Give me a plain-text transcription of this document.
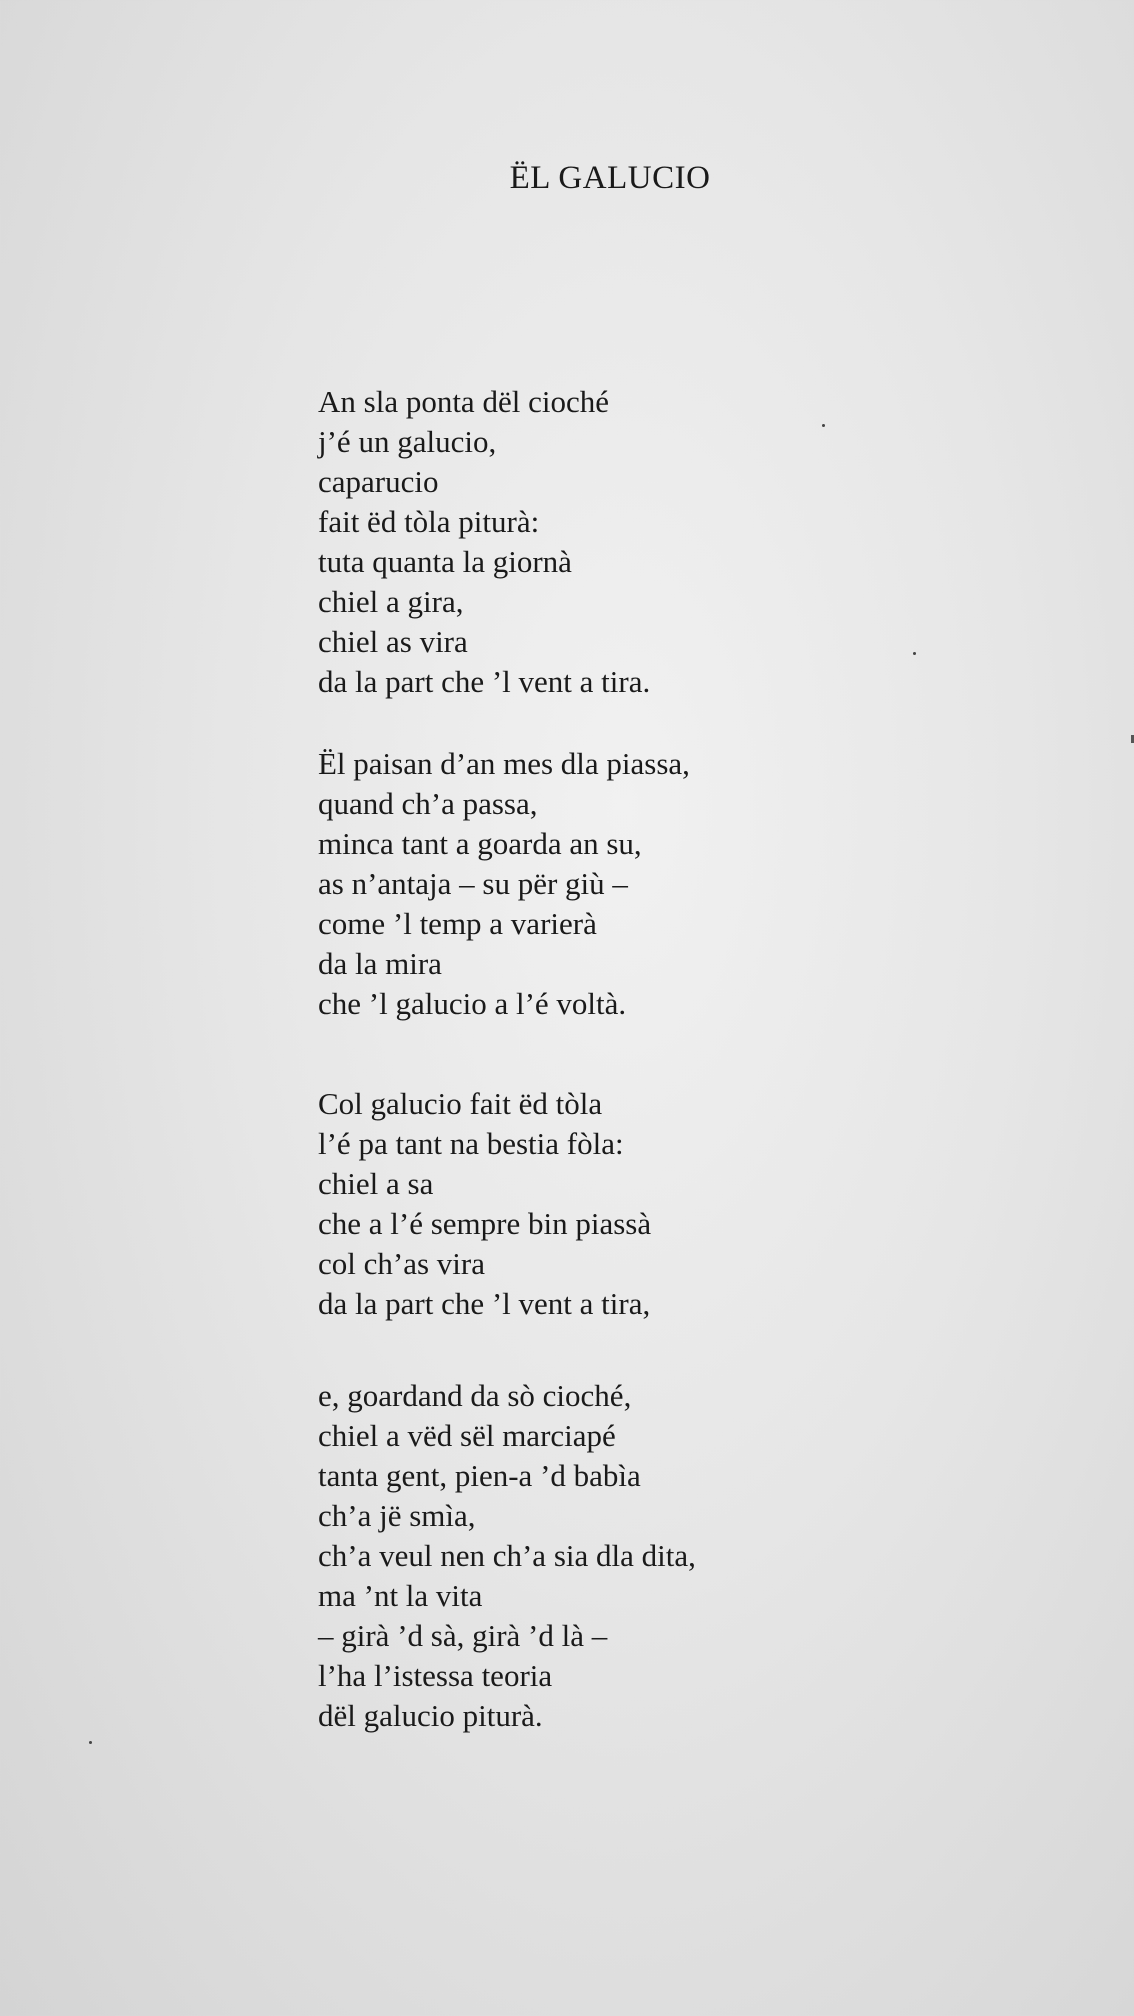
ËL GALUCIO
An sla ponta dël cioché
j’é un galucio,
caparucio
fait ëd tòla piturà:
tuta quanta la giornà
chiel a gira,
chiel as vira
da la part che ’l vent a tira.
Ël paisan d’an mes dla piassa,
quand ch’a passa,
minca tant a goarda an su,
as n’antaja – su për giù –
come ’l temp a varierà
da la mira
che ’l galucio a l’é voltà.
Col galucio fait ëd tòla
l’é pa tant na bestia fòla:
chiel a sa
che a l’é sempre bin piassà
col ch’as vira
da la part che ’l vent a tira,
e, goardand da sò cioché,
chiel a vëd sël marciapé
tanta gent, pien-a ’d babìa
ch’a jë smìa,
ch’a veul nen ch’a sia dla dita,
ma ’nt la vita
– girà ’d sà, girà ’d là –
l’ha l’istessa teoria
dël galucio piturà.
